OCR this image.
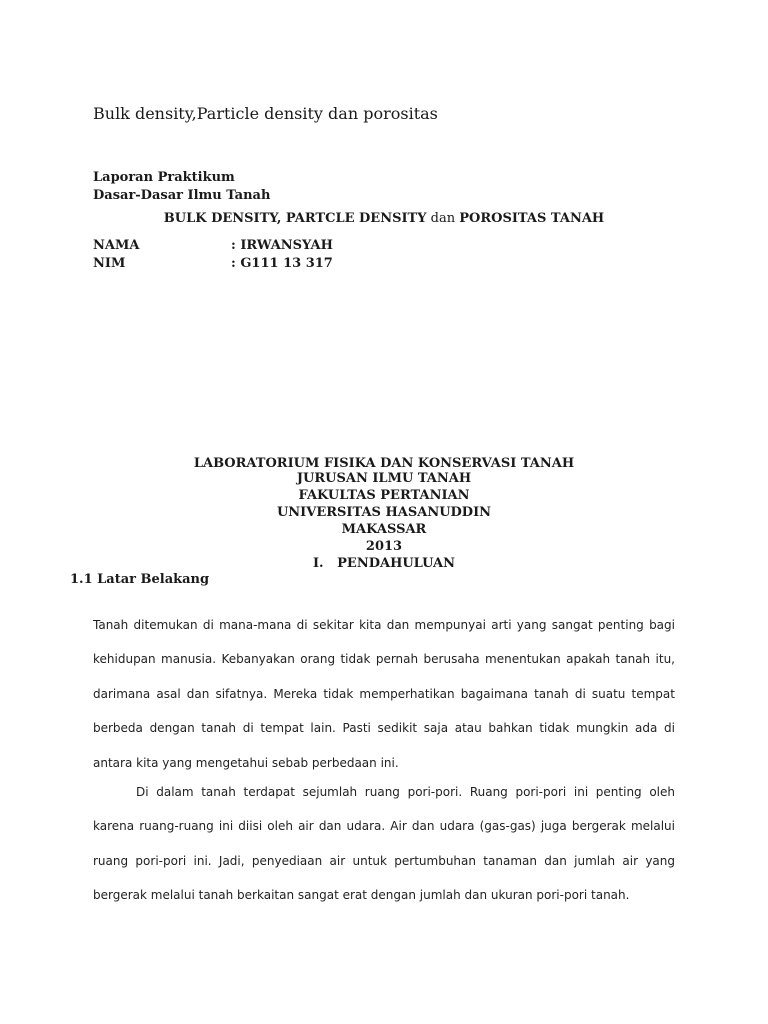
Bulk density,Particle density dan porositas
Laporan Praktikum
Dasar-Dasar Ilmu Tanah
BULK DENSITY, PARTCLE DENSITY dan POROSITAS TANAH
NAMA	: IRWANSYAH
NIM	: G111 13 317
LABORATORIUM FISIKA DAN KONSERVASI TANAH
JURUSAN ILMU TANAH
FAKULTAS PERTANIAN
UNIVERSITAS HASANUDDIN
MAKASSAR
2013
I.   PENDAHULUAN
1.1 Latar Belakang
Tanah ditemukan di mana-mana di sekitar kita dan mempunyai arti yang sangat penting bagi kehidupan manusia. Kebanyakan orang tidak pernah berusaha menentukan apakah tanah itu, darimana asal dan sifatnya. Mereka tidak memperhatikan bagaimana tanah di suatu tempat berbeda dengan tanah di tempat lain. Pasti sedikit saja atau bahkan tidak mungkin ada di antara kita yang mengetahui sebab perbedaan ini.
Di dalam tanah terdapat sejumlah ruang pori-pori. Ruang pori-pori ini penting oleh karena ruang-ruang ini diisi oleh air dan udara. Air dan udara (gas-gas) juga bergerak melalui ruang pori-pori ini. Jadi, penyediaan air untuk pertumbuhan tanaman dan jumlah air yang bergerak melalui tanah berkaitan sangat erat dengan jumlah dan ukuran pori-pori tanah.
